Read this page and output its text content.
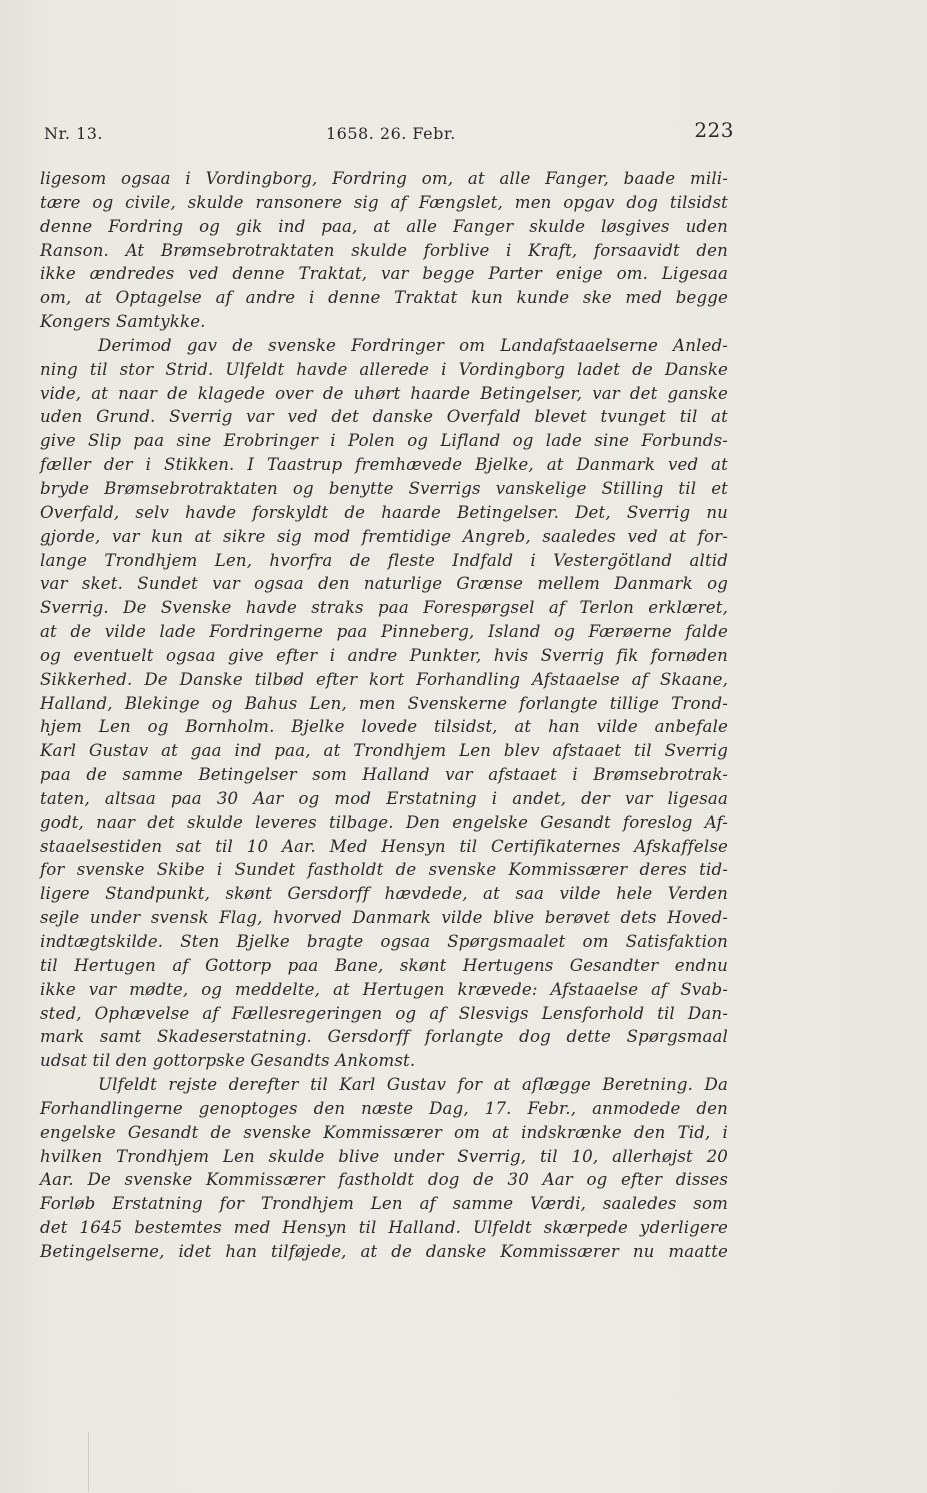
Nr. 13.	1658. 26. Febr.	223
ligesom ogsaa i Vordingborg, Fordring om, at alle Fanger, baade mili-
tære og civile, skulde ransonere sig af Fængslet, men opgav dog tilsidst
denne Fordring og gik ind paa, at alle Fanger skulde løsgives uden
Ranson. At Brømsebrotraktaten skulde forblive i Kraft, forsaavidt den
ikke ændredes ved denne Traktat, var begge Parter enige om. Ligesaa
om, at Optagelse af andre i denne Traktat kun kunde ske med begge
Kongers Samtykke.
Derimod gav de svenske Fordringer om Landafstaaelserne Anled-
ning til stor Strid. Ulfeldt havde allerede i Vordingborg ladet de Danske
vide, at naar de klagede over de uhørt haarde Betingelser, var det ganske
uden Grund. Sverrig var ved det danske Overfald blevet tvunget til at
give Slip paa sine Erobringer i Polen og Lifland og lade sine Forbunds-
fæller der i Stikken. I Taastrup fremhævede Bjelke, at Danmark ved at
bryde Brømsebrotraktaten og benytte Sverrigs vanskelige Stilling til et
Overfald, selv havde forskyldt de haarde Betingelser. Det, Sverrig nu
gjorde, var kun at sikre sig mod fremtidige Angreb, saaledes ved at for-
lange Trondhjem Len, hvorfra de fleste Indfald i Vestergötland altid
var sket. Sundet var ogsaa den naturlige Grænse mellem Danmark og
Sverrig. De Svenske havde straks paa Forespørgsel af Terlon erklæret,
at de vilde lade Fordringerne paa Pinneberg, Island og Færøerne falde
og eventuelt ogsaa give efter i andre Punkter, hvis Sverrig fik fornøden
Sikkerhed. De Danske tilbød efter kort Forhandling Afstaaelse af Skaane,
Halland, Blekinge og Bahus Len, men Svenskerne forlangte tillige Trond-
hjem Len og Bornholm. Bjelke lovede tilsidst, at han vilde anbefale
Karl Gustav at gaa ind paa, at Trondhjem Len blev afstaaet til Sverrig
paa de samme Betingelser som Halland var afstaaet i Brømsebrotrak-
taten, altsaa paa 30 Aar og mod Erstatning i andet, der var ligesaa
godt, naar det skulde leveres tilbage. Den engelske Gesandt foreslog Af-
staaelsestiden sat til 10 Aar. Med Hensyn til Certifikaternes Afskaffelse
for svenske Skibe i Sundet fastholdt de svenske Kommissærer deres tid-
ligere Standpunkt, skønt Gersdorff hævdede, at saa vilde hele Verden
sejle under svensk Flag, hvorved Danmark vilde blive berøvet dets Hoved-
indtægtskilde. Sten Bjelke bragte ogsaa Spørgsmaalet om Satisfaktion
til Hertugen af Gottorp paa Bane, skønt Hertugens Gesandter endnu
ikke var mødte, og meddelte, at Hertugen krævede: Afstaaelse af Svab-
sted, Ophævelse af Fællesregeringen og af Slesvigs Lensforhold til Dan-
mark samt Skadeserstatning. Gersdorff forlangte dog dette Spørgsmaal
udsat til den gottorpske Gesandts Ankomst.
Ulfeldt rejste derefter til Karl Gustav for at aflægge Beretning. Da
Forhandlingerne genoptoges den næste Dag, 17. Febr., anmodede den
engelske Gesandt de svenske Kommissærer om at indskrænke den Tid, i
hvilken Trondhjem Len skulde blive under Sverrig, til 10, allerhøjst 20
Aar. De svenske Kommissærer fastholdt dog de 30 Aar og efter disses
Forløb Erstatning for Trondhjem Len af samme Værdi, saaledes som
det 1645 bestemtes med Hensyn til Halland. Ulfeldt skærpede yderligere
Betingelserne, idet han tilføjede, at de danske Kommissærer nu maatte
